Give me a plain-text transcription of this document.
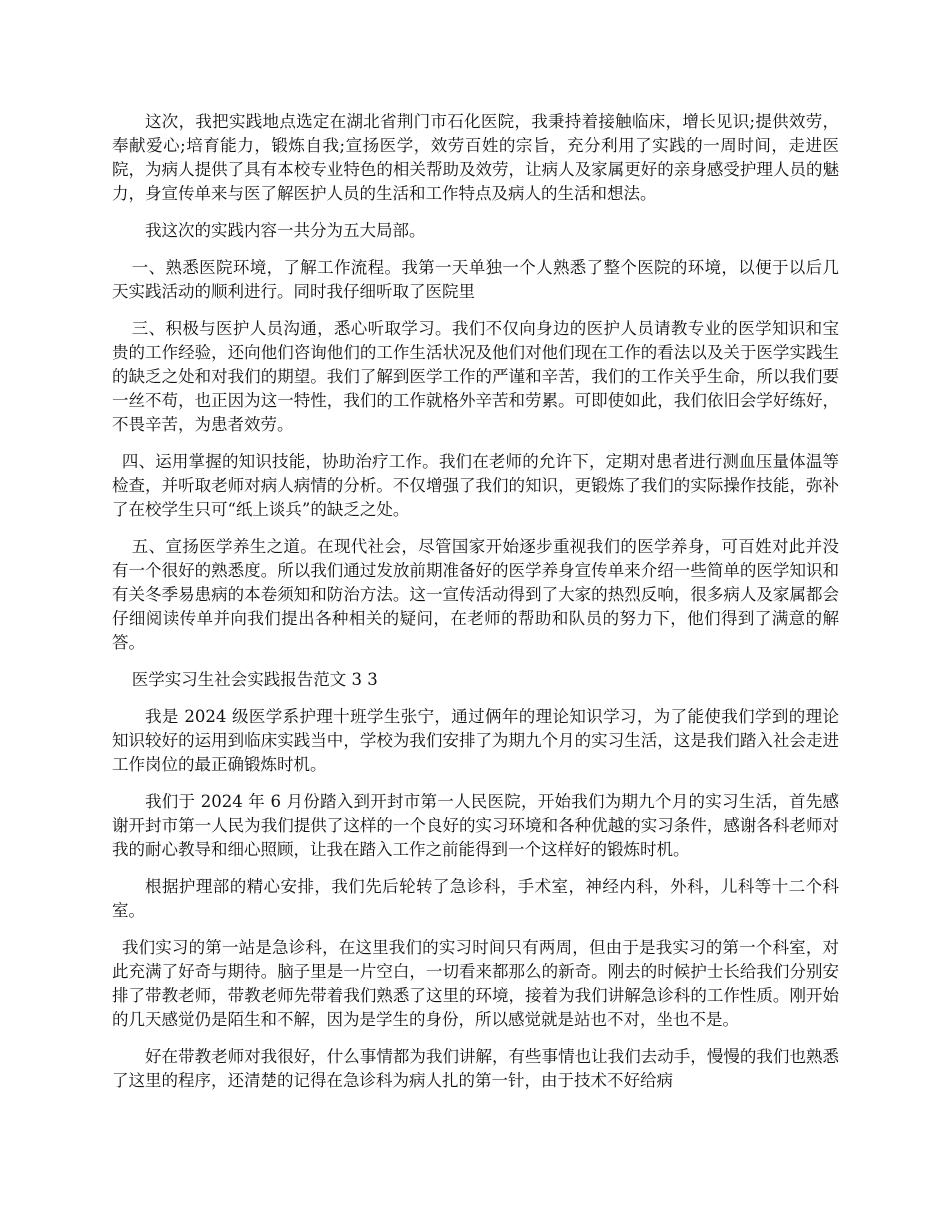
这次，我把实践地点选定在湖北省荆门市石化医院，我秉持着接触临床，增长见识;提供效劳，奉献爱心;培育能力，锻炼自我;宣扬医学，效劳百姓的宗旨，充分利用了实践的一周时间，走进医院，为病人提供了具有本校专业特色的相关帮助及效劳，让病人及家属更好的亲身感受护理人员的魅力，身宣传单来与医了解医护人员的生活和工作特点及病人的生活和想法。

我这次的实践内容一共分为五大局部。

一、熟悉医院环境，了解工作流程。我第一天单独一个人熟悉了整个医院的环境，以便于以后几天实践活动的顺利进行。同时我仔细听取了医院里

三、积极与医护人员沟通，悉心听取学习。我们不仅向身边的医护人员请教专业的医学知识和宝贵的工作经验，还向他们咨询他们的工作生活状况及他们对他们现在工作的看法以及关于医学实践生的缺乏之处和对我们的期望。我们了解到医学工作的严谨和辛苦，我们的工作关乎生命，所以我们要一丝不苟，也正因为这一特性，我们的工作就格外辛苦和劳累。可即使如此，我们依旧会学好练好，不畏辛苦，为患者效劳。

四、运用掌握的知识技能，协助治疗工作。我们在老师的允许下，定期对患者进行测血压量体温等检查，并听取老师对病人病情的分析。不仅增强了我们的知识，更锻炼了我们的实际操作技能，弥补了在校学生只可“纸上谈兵”的缺乏之处。

五、宣扬医学养生之道。在现代社会，尽管国家开始逐步重视我们的医学养身，可百姓对此并没有一个很好的熟悉度。所以我们通过发放前期准备好的医学养身宣传单来介绍一些简单的医学知识和有关冬季易患病的本卷须知和防治方法。这一宣传活动得到了大家的热烈反响，很多病人及家属都会仔细阅读传单并向我们提出各种相关的疑问，在老师的帮助和队员的努力下，他们得到了满意的解答。

医学实习生社会实践报告范文 3 3

我是 2024 级医学系护理十班学生张宁，通过俩年的理论知识学习，为了能使我们学到的理论知识较好的运用到临床实践当中，学校为我们安排了为期九个月的实习生活，这是我们踏入社会走进工作岗位的最正确锻炼时机。

我们于 2024 年 6 月份踏入到开封市第一人民医院，开始我们为期九个月的实习生活，首先感谢开封市第一人民为我们提供了这样的一个良好的实习环境和各种优越的实习条件，感谢各科老师对我的耐心教导和细心照顾，让我在踏入工作之前能得到一个这样好的锻炼时机。

根据护理部的精心安排，我们先后轮转了急诊科，手术室，神经内科，外科，儿科等十二个科室。

我们实习的第一站是急诊科，在这里我们的实习时间只有两周，但由于是我实习的第一个科室，对此充满了好奇与期待。脑子里是一片空白，一切看来都那么的新奇。刚去的时候护士长给我们分别安排了带教老师，带教老师先带着我们熟悉了这里的环境，接着为我们讲解急诊科的工作性质。刚开始的几天感觉仍是陌生和不解，因为是学生的身份，所以感觉就是站也不对，坐也不是。

好在带教老师对我很好，什么事情都为我们讲解，有些事情也让我们去动手，慢慢的我们也熟悉了这里的程序，还清楚的记得在急诊科为病人扎的第一针，由于技术不好给病
